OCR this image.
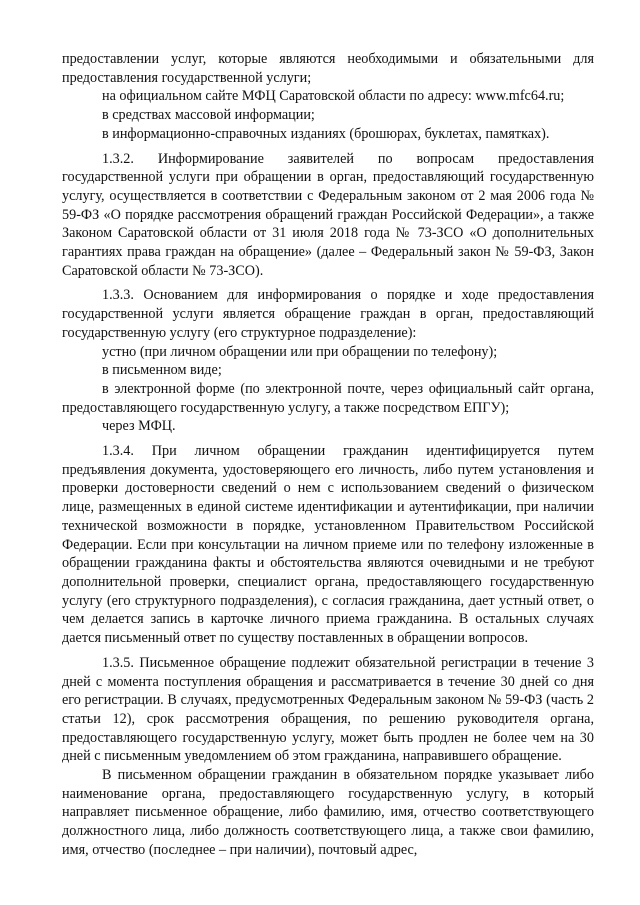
предоставлении услуг, которые являются необходимыми и обязательными для предоставления государственной услуги;

на официальном сайте МФЦ Саратовской области по адресу: www.mfc64.ru;

в средствах массовой информации;

в информационно-справочных изданиях (брошюрах, буклетах, памятках).

1.3.2. Информирование заявителей по вопросам предоставления государственной услуги при обращении в орган, предоставляющий государственную услугу, осуществляется в соответствии с Федеральным законом от 2 мая 2006 года № 59-ФЗ «О порядке рассмотрения обращений граждан Российской Федерации», а также Законом Саратовской области от 31 июля 2018 года № 73-ЗСО «О дополнительных гарантиях права граждан на обращение» (далее – Федеральный закон № 59-ФЗ, Закон Саратовской области № 73-ЗСО).

1.3.3. Основанием для информирования о порядке и ходе предоставления государственной услуги является обращение граждан в орган, предоставляющий государственную услугу (его структурное подразделение):

устно (при личном обращении или при обращении по телефону);

в письменном виде;

в электронной форме (по электронной почте, через официальный сайт органа, предоставляющего государственную услугу, а также посредством ЕПГУ);

через МФЦ.

1.3.4. При личном обращении гражданин идентифицируется путем предъявления документа, удостоверяющего его личность, либо путем установления и проверки достоверности сведений о нем с использованием сведений о физическом лице, размещенных в единой системе идентификации и аутентификации, при наличии технической возможности в порядке, установленном Правительством Российской Федерации. Если при консультации на личном приеме или по телефону изложенные в обращении гражданина факты и обстоятельства являются очевидными и не требуют дополнительной проверки, специалист органа, предоставляющего государственную услугу (его структурного подразделения), с согласия гражданина, дает устный ответ, о чем делается запись в карточке личного приема гражданина. В остальных случаях дается письменный ответ по существу поставленных в обращении вопросов.

1.3.5. Письменное обращение подлежит обязательной регистрации в течение 3 дней с момента поступления обращения и рассматривается в течение 30 дней со дня его регистрации. В случаях, предусмотренных Федеральным законом № 59-ФЗ (часть 2 статьи 12), срок рассмотрения обращения, по решению руководителя органа, предоставляющего государственную услугу, может быть продлен не более чем на 30 дней с письменным уведомлением об этом гражданина, направившего обращение.

В письменном обращении гражданин в обязательном порядке указывает либо наименование органа, предоставляющего государственную услугу, в который направляет письменное обращение, либо фамилию, имя, отчество соответствующего должностного лица, либо должность соответствующего лица, а также свои фамилию, имя, отчество (последнее – при наличии), почтовый адрес,
